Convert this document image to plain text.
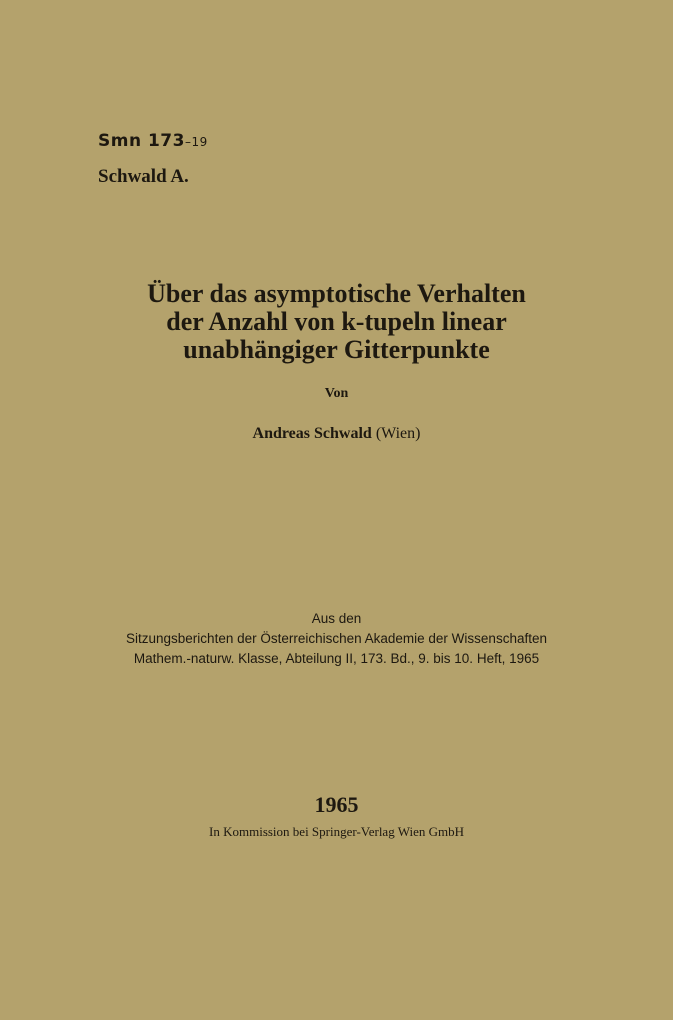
Smn 173–19
Schwald A.
Über das asymptotische Verhalten
der Anzahl von k-tupeln linear
unabhängiger Gitterpunkte
Von
Andreas Schwald (Wien)
Aus den
Sitzungsberichten der Österreichischen Akademie der Wissenschaften
Mathem.-naturw. Klasse, Abteilung II, 173. Bd., 9. bis 10. Heft, 1965
1965
In Kommission bei Springer-Verlag Wien GmbH
